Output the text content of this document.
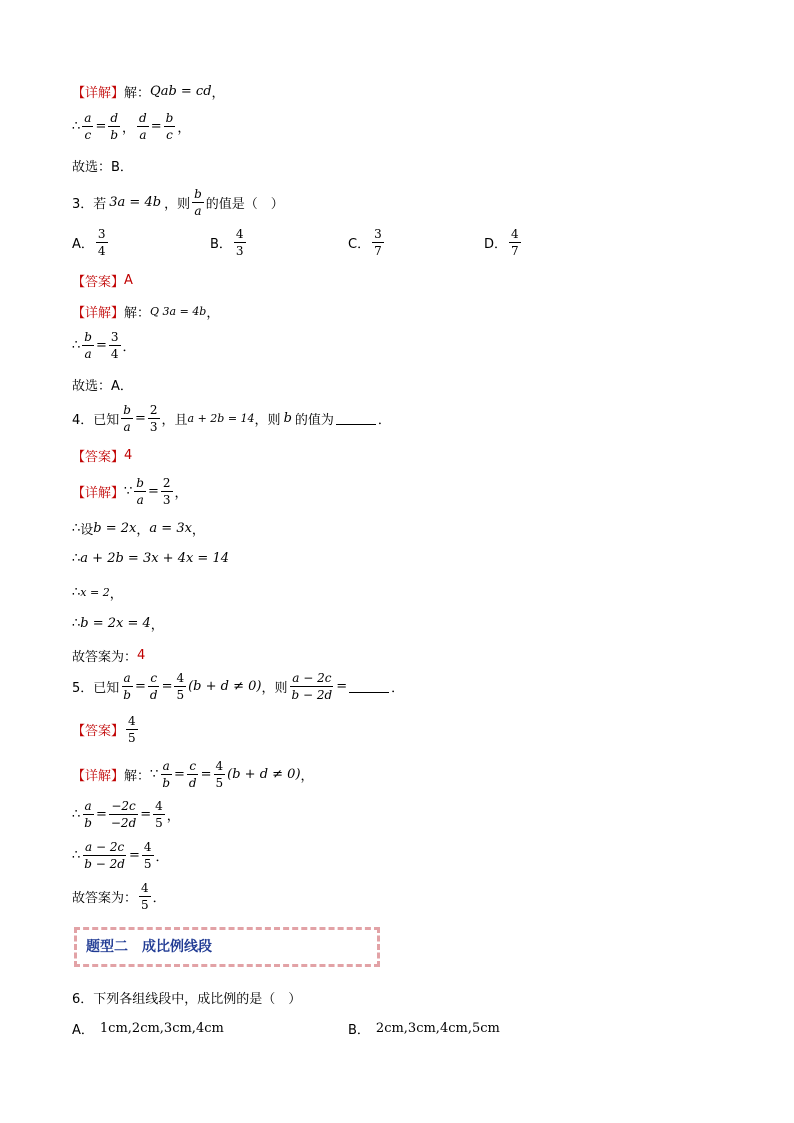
【详解】 解： Qab = cd ，
∴ $\frac{a}{c} = \frac{d}{b}$ ， $\frac{d}{a} = \frac{b}{c}$ ，
故选： B．
3．若 3a = 4b ，则 $\frac{b}{a}$ 的值是（　）
A． $\frac{3}{4}$	B． $\frac{4}{3}$	C． $\frac{3}{7}$	D． $\frac{4}{7}$
【答案】 A
【详解】 解： Q 3a = 4b ，
∴ $\frac{b}{a} = \frac{3}{4}$ ．
故选： A．
4．已知 $\frac{b}{a} = \frac{2}{3}$ ，且 a + 2b = 14 ，则 b 的值为	．
【答案】 4
【详解】 ∵ $\frac{b}{a} = \frac{2}{3}$ ，
∴ 设 b = 2x ， a = 3x ，
∴ a + 2b = 3x + 4x = 14
∴ x = 2 ，
∴ b = 2x = 4 ，
故答案为： 4
5．已知 $\frac{a}{b} = \frac{c}{d} = \frac{4}{5} (b + d \ne 0)$ ，则 $\frac{a - 2c}{b - 2d}$ =	．
【答案】 $\frac{4}{5}$
【详解】 解： ∵ $\frac{a}{b} = \frac{c}{d} = \frac{4}{5} (b + d \ne 0)$ ，
∴ $\frac{a}{b} = \frac{-2c}{-2d} = \frac{4}{5}$ ，
∴ $\frac{a - 2c}{b - 2d} = \frac{4}{5}$ ．
故答案为： $\frac{4}{5}$ ．
题型二　成比例线段
6．下列各组线段中，成比例的是（　）
A． 1cm,2cm,3cm,4cm	B． 2cm,3cm,4cm,5cm
